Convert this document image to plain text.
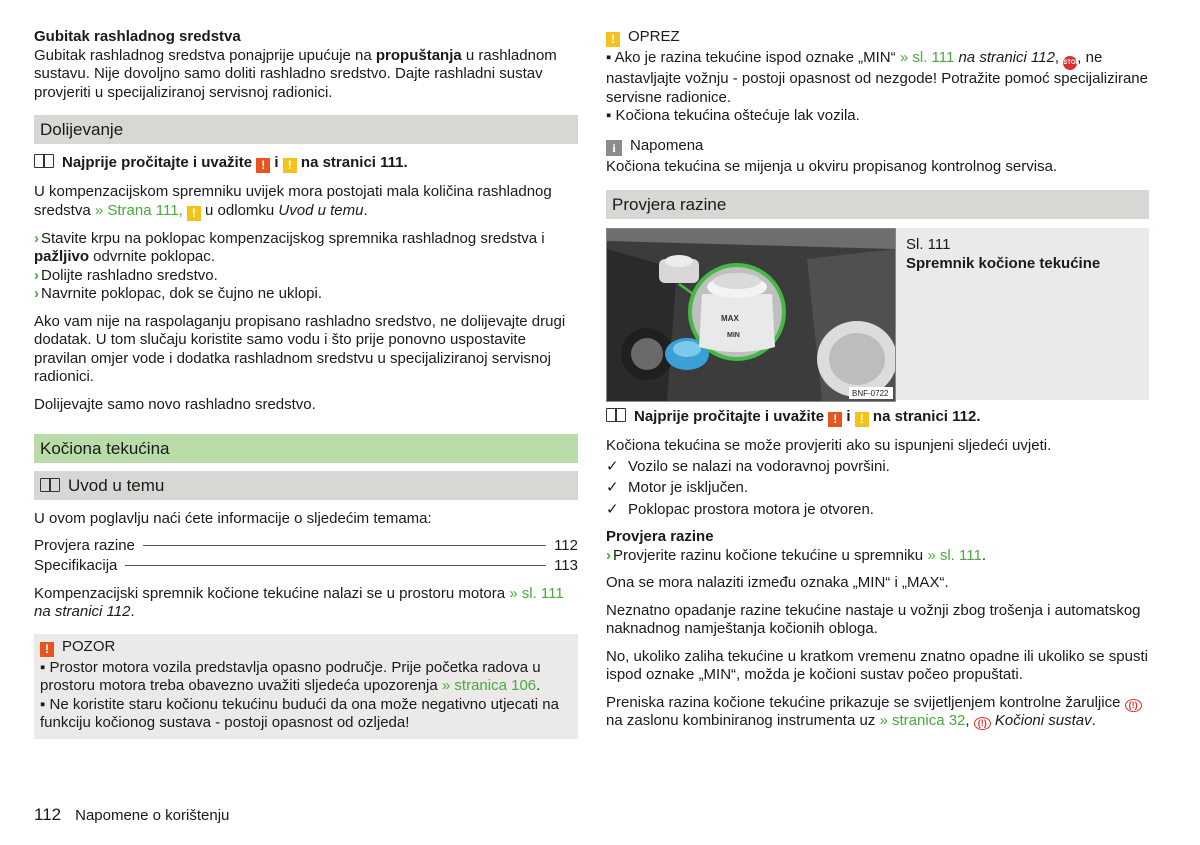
Gubitak rashladnog sredstva

Gubitak rashladnog sredstva ponajprije upućuje na propuštanja u rashladnom sustavu. Nije dovoljno samo doliti rashladno sredstvo. Dajte rashladni sustav provjeriti u specijaliziranoj servisnoj radionici.

Dolijevanje

Najprije pročitajte i uvažite ! i ! na stranici 111.

U kompenzacijskom spremniku uvijek mora postojati mala količina rashladnog sredstva » Strana 111, ! u odlomku Uvod u temu.

› Stavite krpu na poklopac kompenzacijskog spremnika rashladnog sredstva i pažljivo odvrnite poklopac.

› Dolijte rashladno sredstvo.

› Navrnite poklopac, dok se čujno ne uklopi.

Ako vam nije na raspolaganju propisano rashladno sredstvo, ne dolijevajte drugi dodatak. U tom slučaju koristite samo vodu i što prije ponovno uspostavite pravilan omjer vode i dodatka rashladnom sredstvu u specijaliziranoj servisnoj radionici.

Dolijevajte samo novo rashladno sredstvo.

Kočiona tekućina
Uvod u temu

U ovom poglavlju naći ćete informacije o sljedećim temama:

Provjera razine	112
Specifikacija	113

Kompenzacijski spremnik kočione tekućine nalazi se u prostoru motora » sl. 111 na stranici 112.

! POZOR

▪ Prostor motora vozila predstavlja opasno područje. Prije početka radova u prostoru motora treba obavezno uvažiti sljedeća upozorenja » stranica 106.

▪ Ne koristite staru kočionu tekućinu budući da ona može negativno utjecati na funkciju kočionog sustava - postoji opasnost od ozljeda!

! OPREZ

▪ Ako je razina tekućine ispod oznake „MIN“ » sl. 111 na stranici 112, STOP, ne nastavljajte vožnju - postoji opasnost od nezgode! Potražite pomoć specijalizirane servisne radionice.

▪ Kočiona tekućina oštećuje lak vozila.

i Napomena

Kočiona tekućina se mijenja u okviru propisanog kontrolnog servisa.

Provjera razine
MAX
MIN
BNF-0722

Sl. 111

Spremnik kočione tekućine

Najprije pročitajte i uvažite ! i ! na stranici 112.

Kočiona tekućina se može provjeriti ako su ispunjeni sljedeći uvjeti.

✓ Vozilo se nalazi na vodoravnoj površini.

✓ Motor je isključen.

✓ Poklopac prostora motora je otvoren.

Provjera razine

› Provjerite razinu kočione tekućine u spremniku » sl. 111.

Ona se mora nalaziti između oznaka „MIN“ i „MAX“.

Neznatno opadanje razine tekućine nastaje u vožnji zbog trošenja i automatskog naknadnog namještanja kočionih obloga.

No, ukoliko zaliha tekućine u kratkom vremenu znatno opadne ili ukoliko se spusti ispod oznake „MIN“, možda je kočioni sustav počeo propuštati.

Preniska razina kočione tekućine prikazuje se svijetljenjem kontrolne žaruljice (!) na zaslonu kombiniranog instrumenta uz » stranica 32, (!) Kočioni sustav.

112 Napomene o korištenju
